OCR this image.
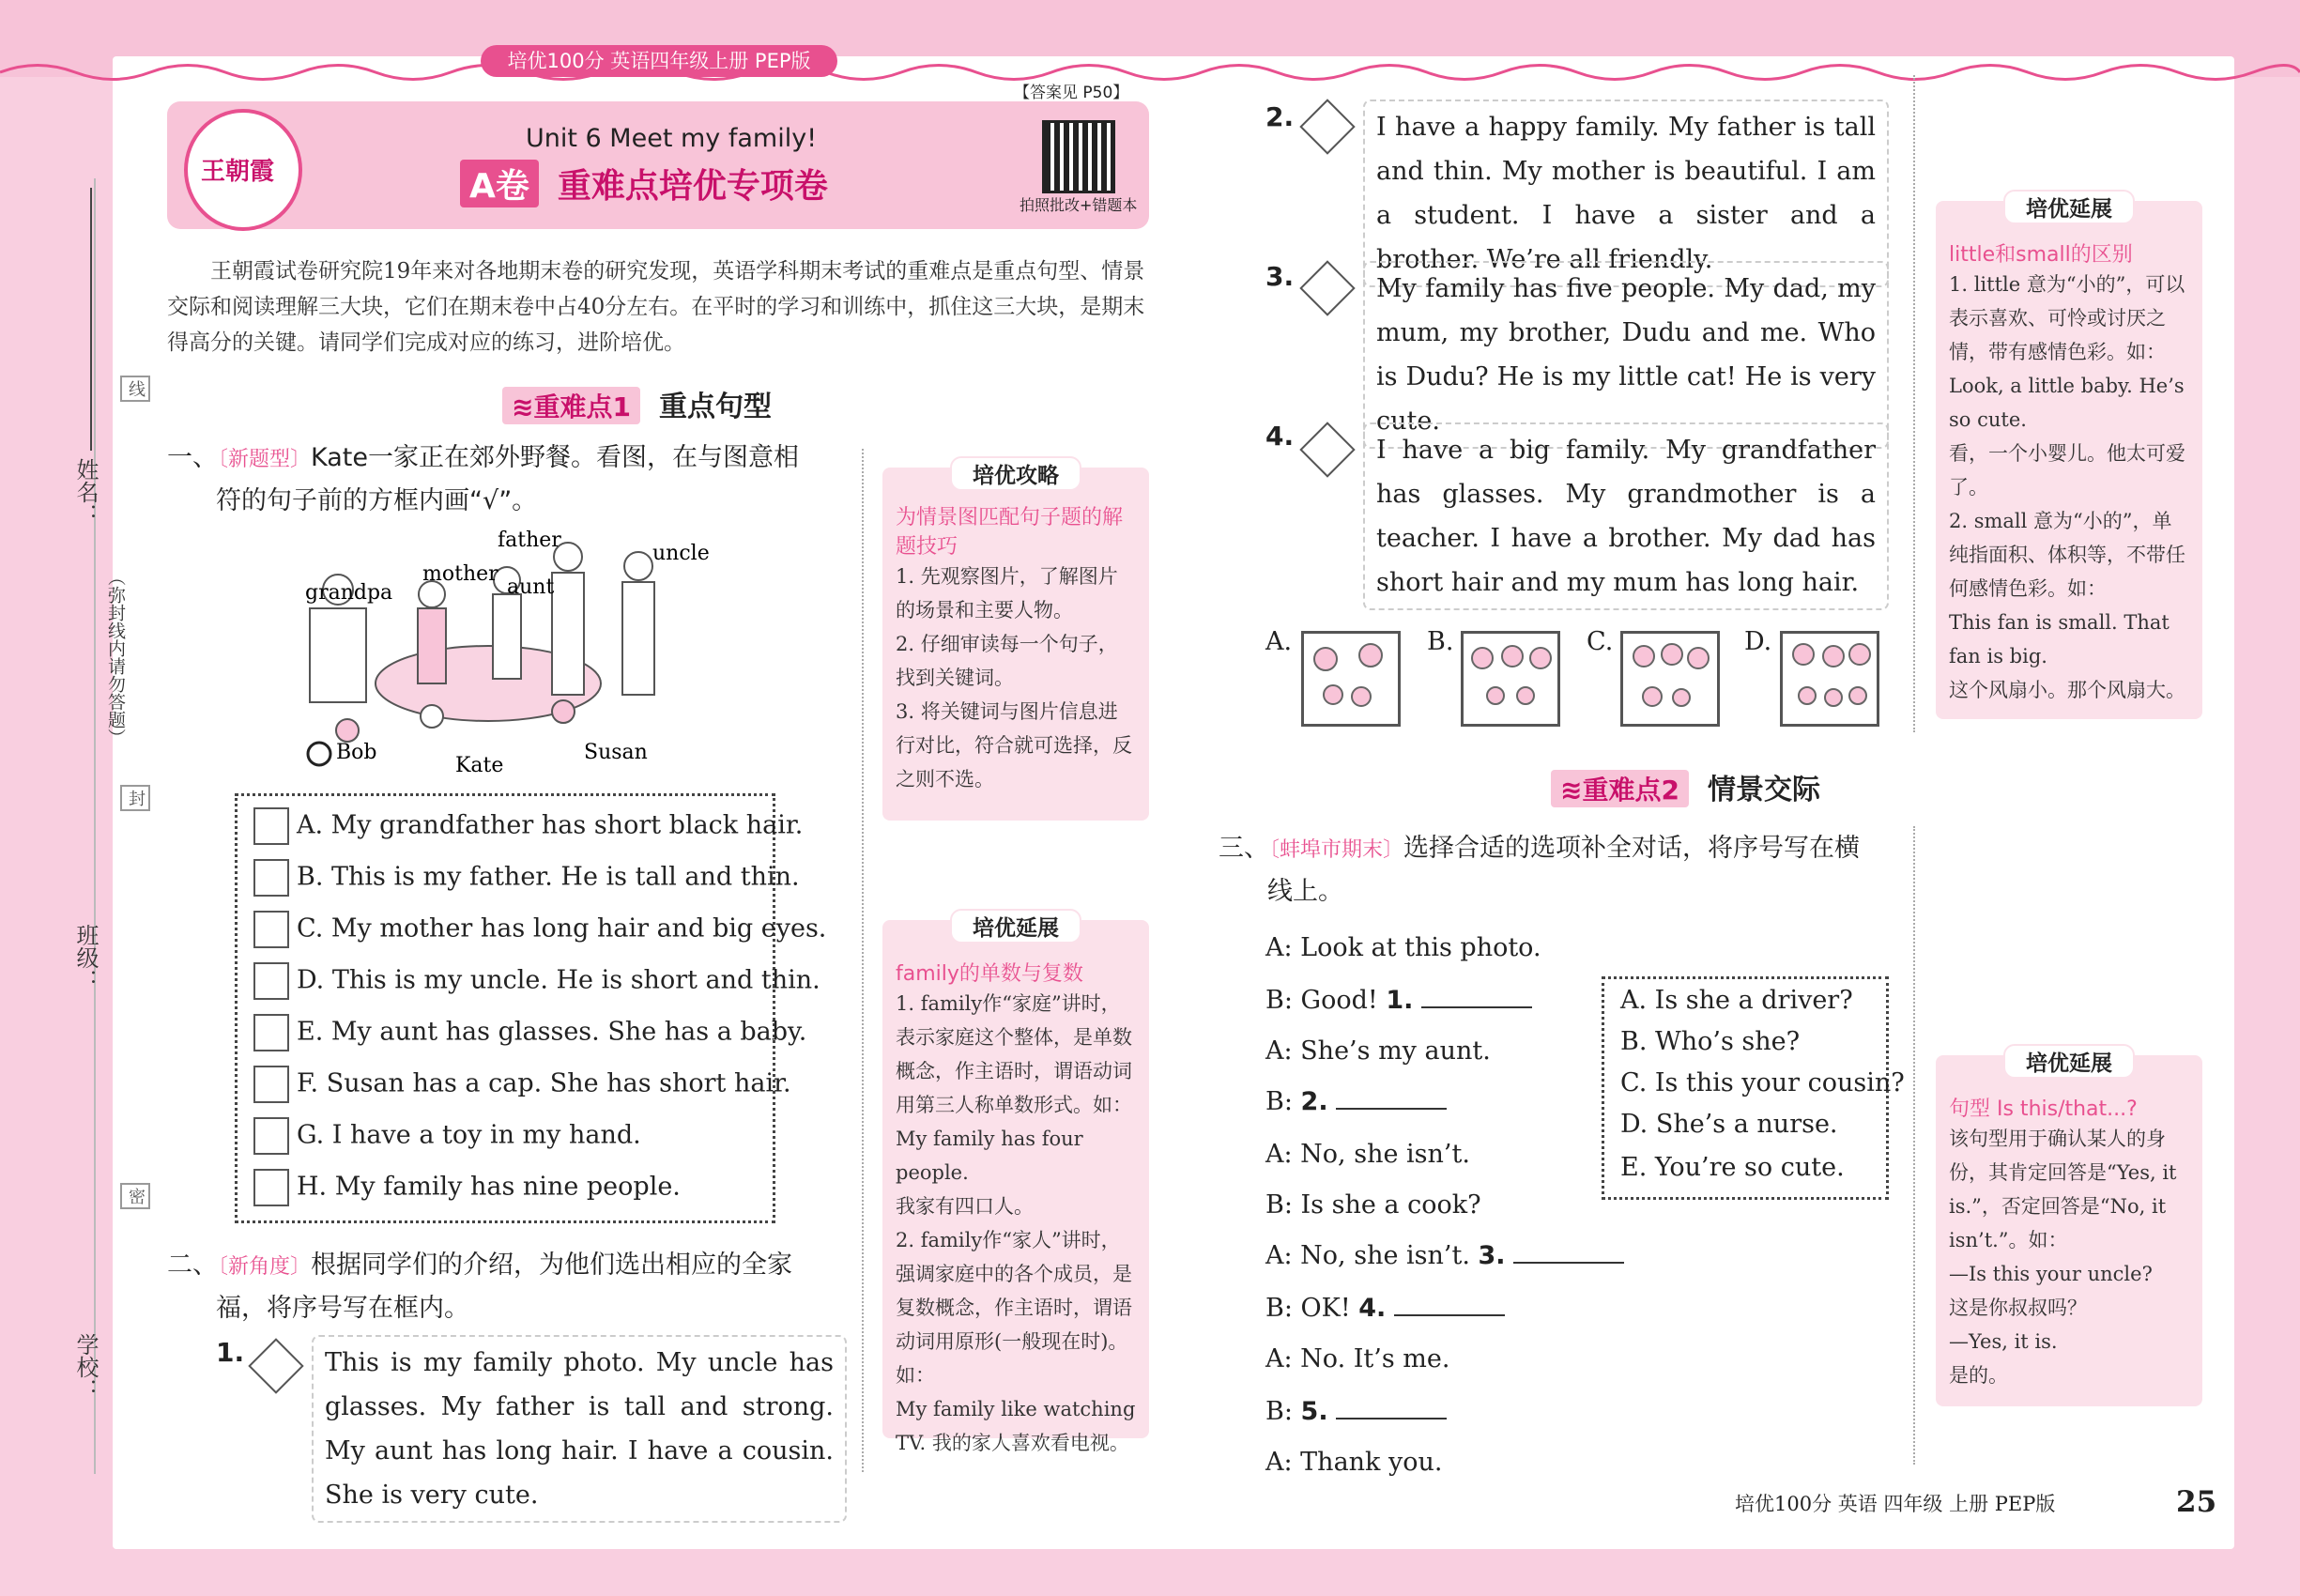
培优100分 英语四年级上册 PEP版
姓名：
班级：
学校：
（弥封线内请勿答题）
线
封
密
王朝霞
Unit 6 Meet my family!
A卷 重难点培优专项卷
【答案见 P50】
拍照批改+错题本
王朝霞试卷研究院19年来对各地期末卷的研究发现，英语学科期末考试的重难点是重点句型、情景交际和阅读理解三大块，它们在期末卷中占40分左右。在平时的学习和训练中，抓住这三大块，是期末得高分的关键。请同学们完成对应的练习，进阶培优。
≋重难点1 重点句型
一、〔新题型〕Kate一家正在郊外野餐。看图，在与图意相
符的句子前的方框内画“√”。
father
uncle
mother
aunt
grandpa
Bob
Kate
Susan
A. My grandfather has short black hair.
B. This is my father. He is tall and thin.
C. My mother has long hair and big eyes.
D. This is my uncle. He is short and thin.
E. My aunt has glasses. She has a baby.
F. Susan has a cap. She has short hair.
G. I have a toy in my hand.
H. My family has nine people.
二、〔新角度〕根据同学们的介绍，为他们选出相应的全家
福，将序号写在框内。
1.	This is my family photo. My uncle has glasses. My father is tall and strong. My aunt has long hair. I have a cousin. She is very cute.
培优攻略
为情景图匹配句子题的解题技巧
1. 先观察图片，了解图片的场景和主要人物。
2. 仔细审读每一个句子，找到关键词。
3. 将关键词与图片信息进行对比，符合就可选择，反之则不选。
培优延展
family的单数与复数
1. family作“家庭”讲时，表示家庭这个整体，是单数概念，作主语时，谓语动词用第三人称单数形式。如：
My family has four people.
我家有四口人。
2. family作“家人”讲时，强调家庭中的各个成员，是复数概念，作主语时，谓语动词用原形(一般现在时)。如：
My family like watching TV. 我的家人喜欢看电视。
2.	I have a happy family. My father is tall and thin. My mother is beautiful. I am a student. I have a sister and a brother. We’re all friendly.
3.	My family has five people. My dad, my mum, my brother, Dudu and me. Who is Dudu? He is my little cat! He is very cute.
4.	I have a big family. My grandfather has glasses. My grandmother is a teacher. I have a brother. My dad has short hair and my mum has long hair.
A.	B.	C.	D.
≋重难点2 情景交际
三、〔蚌埠市期末〕选择合适的选项补全对话，将序号写在横
线上。
A: Look at this photo.
B: Good! 1.
A: She’s my aunt.
B: 2.
A: No, she isn’t.
B: Is she a cook?
A: No, she isn’t. 3.
B: OK! 4.
A: No. It’s me.
B: 5.
A: Thank you.
A. Is she a driver?
B. Who’s she?
C. Is this your cousin?
D. She’s a nurse.
E. You’re so cute.
培优延展
little和small的区别
1. little 意为“小的”，可以表示喜欢、可怜或讨厌之情，带有感情色彩。如：
Look, a little baby. He’s so cute.
看，一个小婴儿。他太可爱了。
2. small 意为“小的”，单纯指面积、体积等，不带任何感情色彩。如：
This fan is small. That fan is big.
这个风扇小。那个风扇大。
培优延展
句型 Is this/that...?
该句型用于确认某人的身份，其肯定回答是“Yes, it is.”，否定回答是“No, it isn’t.”。如：
—Is this your uncle?
这是你叔叔吗？
—Yes, it is.
是的。
培优100分 英语 四年级 上册 PEP版	25
